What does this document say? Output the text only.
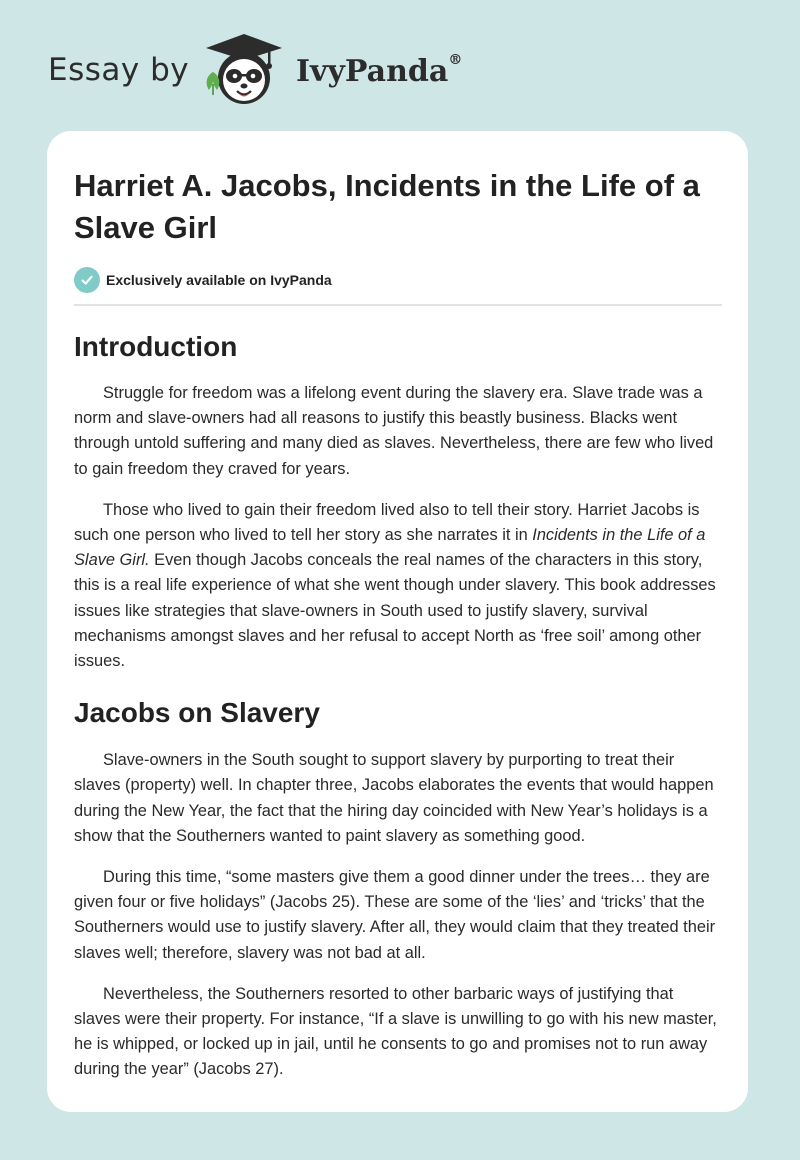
Essay by	IvyPanda®
Harriet A. Jacobs, Incidents in the Life of a Slave Girl
Exclusively available on IvyPanda
Introduction

Struggle for freedom was a lifelong event during the slavery era. Slave trade was a norm and slave-owners had all reasons to justify this beastly business. Blacks went through untold suffering and many died as slaves. Nevertheless, there are few who lived to gain freedom they craved for years.

Those who lived to gain their freedom lived also to tell their story. Harriet Jacobs is such one person who lived to tell her story as she narrates it in Incidents in the Life of a Slave Girl. Even though Jacobs conceals the real names of the characters in this story, this is a real life experience of what she went though under slavery. This book addresses issues like strategies that slave-owners in South used to justify slavery, survival mechanisms amongst slaves and her refusal to accept North as ‘free soil’ among other issues.

Jacobs on Slavery

Slave-owners in the South sought to support slavery by purporting to treat their slaves (property) well. In chapter three, Jacobs elaborates the events that would happen during the New Year, the fact that the hiring day coincided with New Year’s holidays is a show that the Southerners wanted to paint slavery as something good.

During this time, “some masters give them a good dinner under the trees… they are given four or five holidays” (Jacobs 25). These are some of the ‘lies’ and ‘tricks’ that the Southerners would use to justify slavery. After all, they would claim that they treated their slaves well; therefore, slavery was not bad at all.

Nevertheless, the Southerners resorted to other barbaric ways of justifying that slaves were their property. For instance, “If a slave is unwilling to go with his new master, he is whipped, or locked up in jail, until he consents to go and promises not to run away during the year” (Jacobs 27).
